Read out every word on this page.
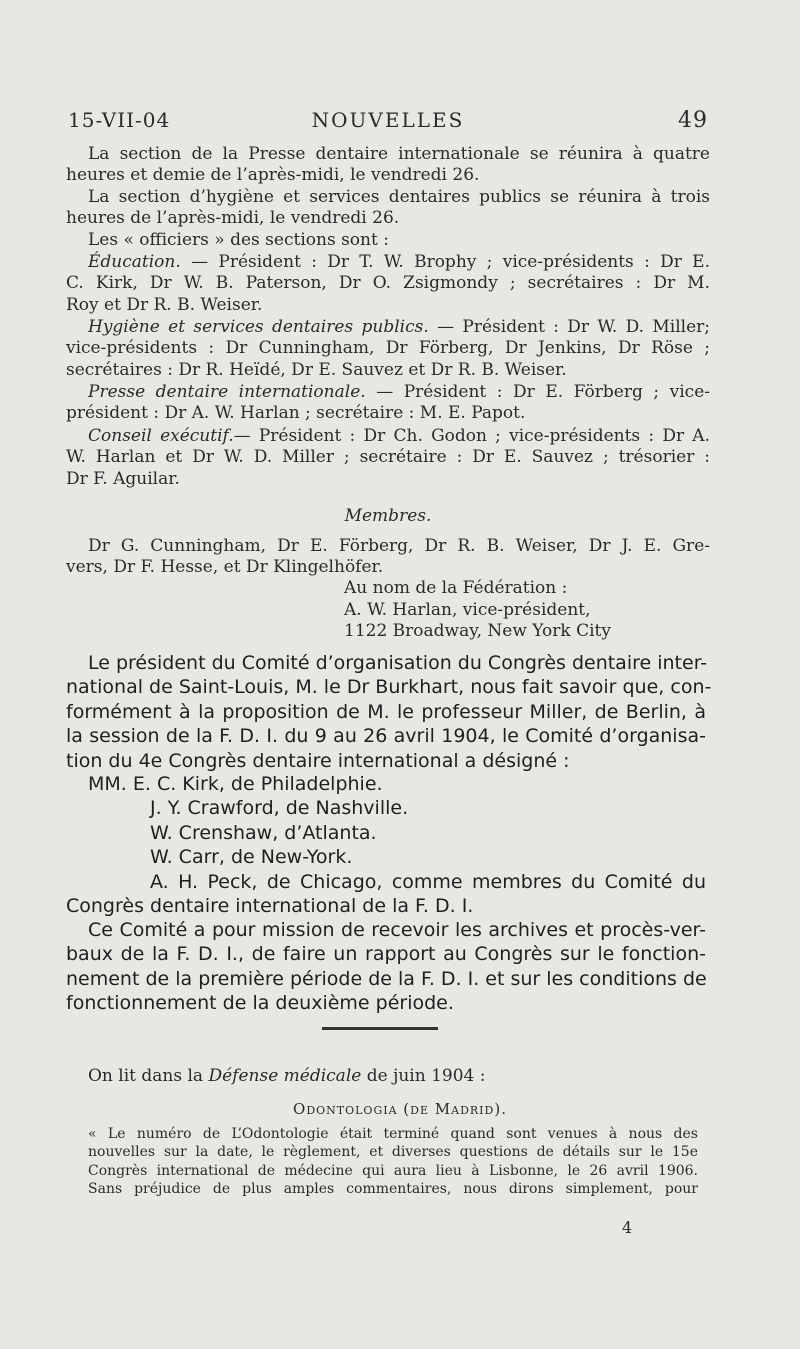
15-VII-04	NOUVELLES	49
La section de la Presse dentaire internationale se réunira à quatre
heures et demie de l’après-midi, le vendredi 26.
La section d’hygiène et services dentaires publics se réunira à trois
heures de l’après-midi, le vendredi 26.
Les « officiers » des sections sont :
Éducation. — Président : Dr T. W. Brophy ; vice-présidents : Dr E.
C. Kirk, Dr W. B. Paterson, Dr O. Zsigmondy ; secrétaires : Dr M.
Roy et Dr R. B. Weiser.
Hygiène et services dentaires publics. — Président : Dr W. D. Miller;
vice-présidents : Dr Cunningham, Dr Förberg, Dr Jenkins, Dr Röse ;
secrétaires : Dr R. Heïdé, Dr E. Sauvez et Dr R. B. Weiser.
Presse dentaire internationale. — Président : Dr E. Förberg ; vice-
président : Dr A. W. Harlan ; secrétaire : M. E. Papot.
Conseil exécutif.— Président : Dr Ch. Godon ; vice-présidents : Dr A.
W. Harlan et Dr W. D. Miller ; secrétaire : Dr E. Sauvez ; trésorier :
Dr F. Aguilar.
Membres.
Dr G. Cunningham, Dr E. Förberg, Dr R. B. Weiser, Dr J. E. Gre-
vers, Dr F. Hesse, et Dr Klingelhöfer.
Au nom de la Fédération :
A. W. Harlan, vice-président,
1122 Broadway, New York City
Le président du Comité d’organisation du Congrès dentaire inter-
national de Saint-Louis, M. le Dr Burkhart, nous fait savoir que, con-
formément à la proposition de M. le professeur Miller, de Berlin, à
la session de la F. D. I. du 9 au 26 avril 1904, le Comité d’organisa-
tion du 4e Congrès dentaire international a désigné :
MM. E. C. Kirk, de Philadelphie.
J. Y. Crawford, de Nashville.
W. Crenshaw, d’Atlanta.
W. Carr, de New-York.
A. H. Peck, de Chicago, comme membres du Comité du
Congrès dentaire international de la F. D. I.
Ce Comité a pour mission de recevoir les archives et procès-ver-
baux de la F. D. I., de faire un rapport au Congrès sur le fonction-
nement de la première période de la F. D. I. et sur les conditions de
fonctionnement de la deuxième période.
On lit dans la Défense médicale de juin 1904 :
Odontologia (de Madrid).
« Le numéro de L’Odontologie était terminé quand sont venues à nous des
nouvelles sur la date, le règlement, et diverses questions de détails sur le 15e
Congrès international de médecine qui aura lieu à Lisbonne, le 26 avril 1906.
Sans préjudice de plus amples commentaires, nous dirons simplement, pour
4
